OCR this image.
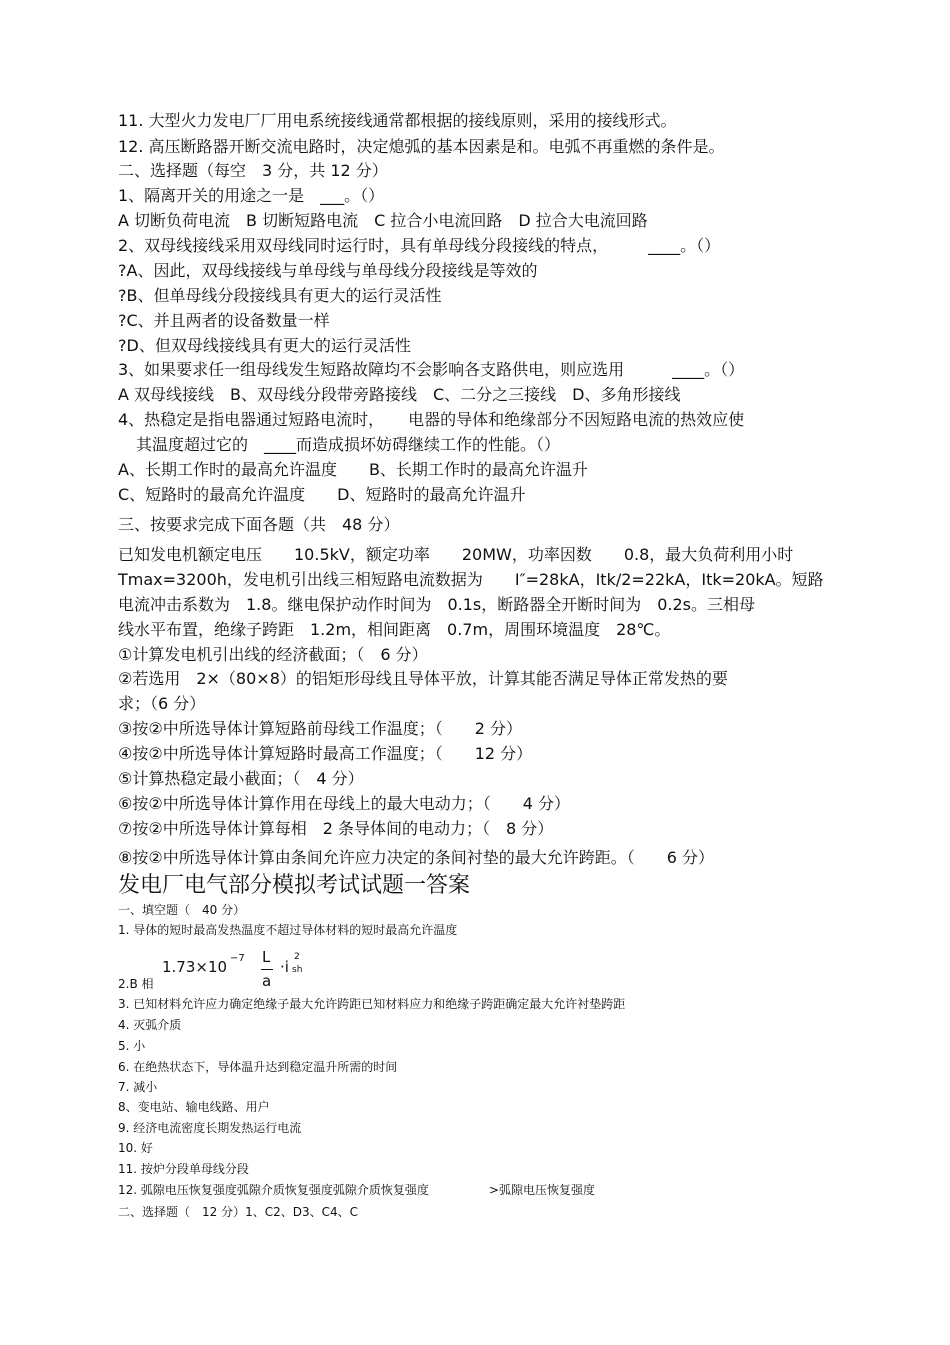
11. 大型火力发电厂厂用电系统接线通常都根据的接线原则，采用的接线形式。
12. 高压断路器开断交流电路时，决定熄弧的基本因素是和。电弧不再重燃的条件是。
二、选择题（每空　3 分，共 12 分）
1、隔离开关的用途之一是　___。（）
A 切断负荷电流　B 切断短路电流　C 拉合小电流回路　D 拉合大电流回路
2、双母线接线采用双母线同时运行时，具有单母线分段接线的特点，　　　____。（）
?A、因此，双母线接线与单母线与单母线分段接线是等效的
?B、但单母线分段接线具有更大的运行灵活性
?C、并且两者的设备数量一样
?D、但双母线接线具有更大的运行灵活性
3、如果要求任一组母线发生短路故障均不会影响各支路供电，则应选用　　　____。（）
A 双母线接线　B、双母线分段带旁路接线　C、二分之三接线　D、多角形接线
4、热稳定是指电器通过短路电流时，　　电器的导体和绝缘部分不因短路电流的热效应使
其温度超过它的　____而造成损坏妨碍继续工作的性能。（）
A、长期工作时的最高允许温度　　B、长期工作时的最高允许温升
C、短路时的最高允许温度　　D、短路时的最高允许温升
三、按要求完成下面各题（共　48 分）
已知发电机额定电压　　10.5kV，额定功率　　20MW，功率因数　　0.8，最大负荷利用小时
Tmax=3200h，发电机引出线三相短路电流数据为　　I″=28kA，Itk/2=22kA，Itk=20kA。短路
电流冲击系数为　1.8。继电保护动作时间为　0.1s，断路器全开断时间为　0.2s。三相母
线水平布置，绝缘子跨距　1.2m，相间距离　0.7m，周围环境温度　28℃。
①计算发电机引出线的经济截面；（　6 分）
②若选用　2×（80×8）的铝矩形母线且导体平放，计算其能否满足导体正常发热的要
求；（6 分）
③按②中所选导体计算短路前母线工作温度；（　　2 分）
④按②中所选导体计算短路时最高工作温度；（　　12 分）
⑤计算热稳定最小截面；（　4 分）
⑥按②中所选导体计算作用在母线上的最大电动力；（　　4 分）
⑦按②中所选导体计算每相　2 条导体间的电动力；（　8 分）
⑧按②中所选导体计算由条间允许应力决定的条间衬垫的最大允许跨距。（　　6 分）
发电厂电气部分模拟考试试题一答案
一、填空题（　40 分）
1. 导体的短时最高发热温度不超过导体材料的短时最高允许温度
1.73×10 −7 L
a
·i
2
sh
2.B 相
3. 已知材料允许应力确定绝缘子最大允许跨距已知材料应力和绝缘子跨距确定最大允许衬垫跨距
4. 灭弧介质
5. 小
6. 在绝热状态下，导体温升达到稳定温升所需的时间
7. 减小
8、变电站、输电线路、用户
9. 经济电流密度长期发热运行电流
10. 好
11. 按炉分段单母线分段
12. 弧隙电压恢复强度弧隙介质恢复强度弧隙介质恢复强度　　　　　>弧隙电压恢复强度
二、选择题（　12 分）1、C2、D3、C4、C
